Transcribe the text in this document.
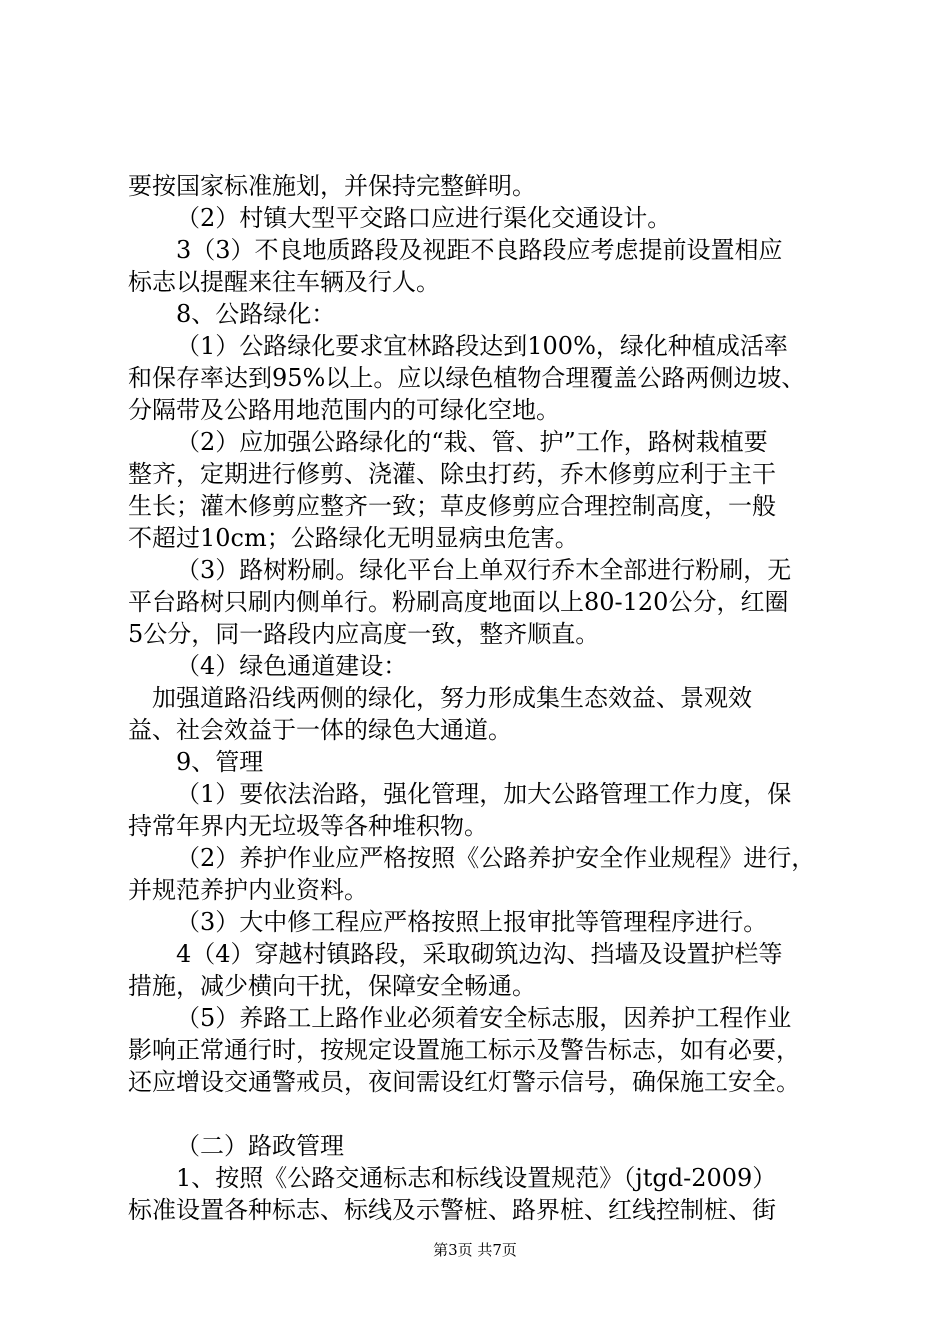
要按国家标准施划，并保持完整鲜明。
（2）村镇大型平交路口应进行渠化交通设计。
3（3）不良地质路段及视距不良路段应考虑提前设置相应
标志以提醒来往车辆及行人。
8、公路绿化：
（1）公路绿化要求宜林路段达到100%，绿化种植成活率
和保存率达到95%以上。应以绿色植物合理覆盖公路两侧边坡、
分隔带及公路用地范围内的可绿化空地。
（2）应加强公路绿化的“栽、管、护”工作，路树栽植要
整齐，定期进行修剪、浇灌、除虫打药，乔木修剪应利于主干
生长；灌木修剪应整齐一致；草皮修剪应合理控制高度，一般
不超过10cm；公路绿化无明显病虫危害。
（3）路树粉刷。绿化平台上单双行乔木全部进行粉刷，无
平台路树只刷内侧单行。粉刷高度地面以上80-120公分，红圈
5公分，同一路段内应高度一致，整齐顺直。
（4）绿色通道建设：
加强道路沿线两侧的绿化，努力形成集生态效益、景观效
益、社会效益于一体的绿色大通道。
9、管理
（1）要依法治路，强化管理，加大公路管理工作力度，保
持常年界内无垃圾等各种堆积物。
（2）养护作业应严格按照《公路养护安全作业规程》进行，
并规范养护内业资料。
（3）大中修工程应严格按照上报审批等管理程序进行。
4（4）穿越村镇路段，采取砌筑边沟、挡墙及设置护栏等
措施，减少横向干扰，保障安全畅通。
（5）养路工上路作业必须着安全标志服，因养护工程作业
影响正常通行时，按规定设置施工标示及警告标志，如有必要，
还应增设交通警戒员，夜间需设红灯警示信号，确保施工安全。
（二）路政管理
1、按照《公路交通标志和标线设置规范》（jtgd-2009）
标准设置各种标志、标线及示警桩、路界桩、红线控制桩、街
第3页 共7页
